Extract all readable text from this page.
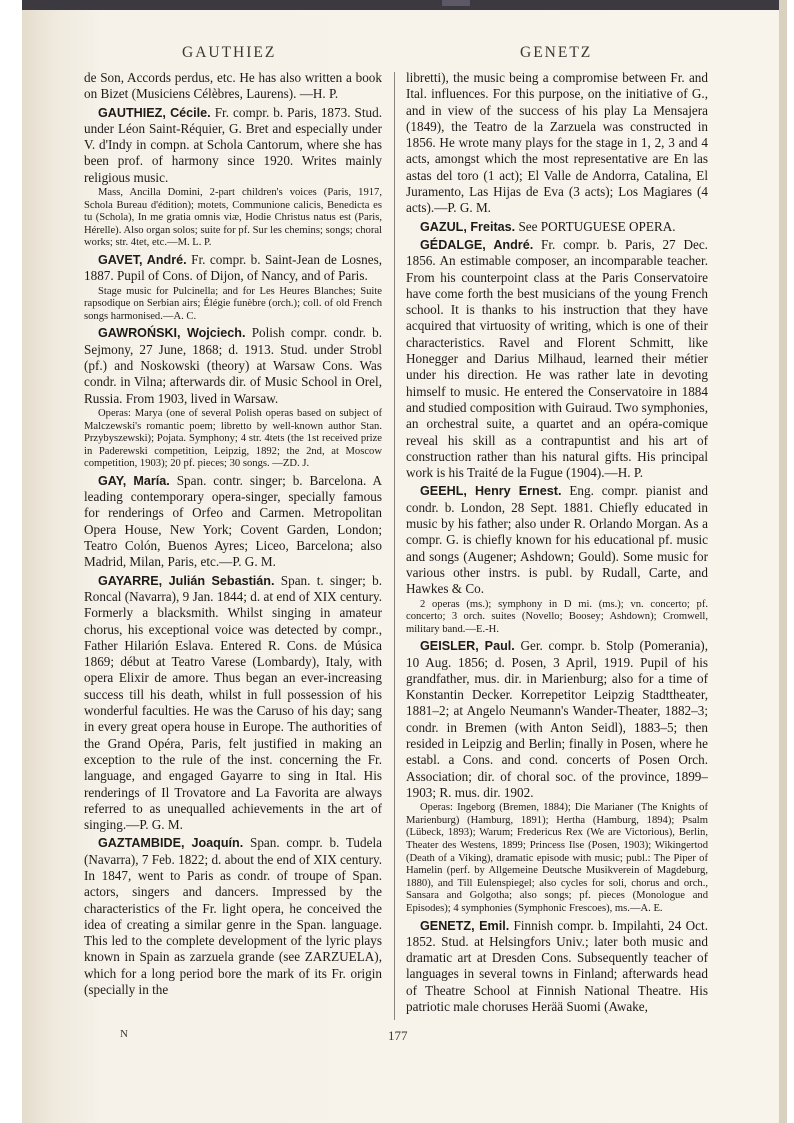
GAUTHIEZ	GENETZ

de Son, Accords perdus, etc. He has also written a book on Bizet (Musiciens Célèbres, Laurens). —H. P.

GAUTHIEZ, Cécile. Fr. compr. b. Paris, 1873. Stud. under Léon Saint-Réquier, G. Bret and especially under V. d'Indy in compn. at Schola Cantorum, where she has been prof. of harmony since 1920. Writes mainly religious music.

Mass, Ancilla Domini, 2-part children's voices (Paris, 1917, Schola Bureau d'édition); motets, Communione calicis, Benedicta es tu (Schola), In me gratia omnis viæ, Hodie Christus natus est (Paris, Hérelle). Also organ solos; suite for pf. Sur les chemins; songs; choral works; str. 4tet, etc.—M. L. P.

GAVET, André. Fr. compr. b. Saint-Jean de Losnes, 1887. Pupil of Cons. of Dijon, of Nancy, and of Paris.

Stage music for Pulcinella; and for Les Heures Blanches; Suite rapsodique on Serbian airs; Élégie funèbre (orch.); coll. of old French songs harmonised.—A. C.

GAWROŃSKI, Wojciech. Polish compr. condr. b. Sejmony, 27 June, 1868; d. 1913. Stud. under Strobl (pf.) and Noskowski (theory) at Warsaw Cons. Was condr. in Vilna; afterwards dir. of Music School in Orel, Russia. From 1903, lived in Warsaw.

Operas: Marya (one of several Polish operas based on subject of Malczewski's romantic poem; libretto by well-known author Stan. Przybyszewski); Pojata. Symphony; 4 str. 4tets (the 1st received prize in Paderewski competition, Leipzig, 1892; the 2nd, at Moscow competition, 1903); 20 pf. pieces; 30 songs. —ZD. J.

GAY, María. Span. contr. singer; b. Barcelona. A leading contemporary opera-singer, specially famous for renderings of Orfeo and Carmen. Metropolitan Opera House, New York; Covent Garden, London; Teatro Colón, Buenos Ayres; Liceo, Barcelona; also Madrid, Milan, Paris, etc.—P. G. M.

GAYARRE, Julián Sebastián. Span. t. singer; b. Roncal (Navarra), 9 Jan. 1844; d. at end of XIX century. Formerly a blacksmith. Whilst singing in amateur chorus, his exceptional voice was detected by compr., Father Hilarión Eslava. Entered R. Cons. de Música 1869; début at Teatro Varese (Lombardy), Italy, with opera Elixir de amore. Thus began an ever-increasing success till his death, whilst in full possession of his wonderful faculties. He was the Caruso of his day; sang in every great opera house in Europe. The authorities of the Grand Opéra, Paris, felt justified in making an exception to the rule of the inst. concerning the Fr. language, and engaged Gayarre to sing in Ital. His renderings of Il Trovatore and La Favorita are always referred to as unequalled achievements in the art of singing.—P. G. M.

GAZTAMBIDE, Joaquín. Span. compr. b. Tudela (Navarra), 7 Feb. 1822; d. about the end of XIX century. In 1847, went to Paris as condr. of troupe of Span. actors, singers and dancers. Impressed by the characteristics of the Fr. light opera, he conceived the idea of creating a similar genre in the Span. language. This led to the complete development of the lyric plays known in Spain as zarzuela grande (see ZARZUELA), which for a long period bore the mark of its Fr. origin (specially in the

libretti), the music being a compromise between Fr. and Ital. influences. For this purpose, on the initiative of G., and in view of the success of his play La Mensajera (1849), the Teatro de la Zarzuela was constructed in 1856. He wrote many plays for the stage in 1, 2, 3 and 4 acts, amongst which the most representative are En las astas del toro (1 act); El Valle de Andorra, Catalina, El Juramento, Las Hijas de Eva (3 acts); Los Magiares (4 acts).—P. G. M.

GAZUL, Freitas. See PORTUGUESE OPERA.

GÉDALGE, André. Fr. compr. b. Paris, 27 Dec. 1856. An estimable composer, an incomparable teacher. From his counterpoint class at the Paris Conservatoire have come forth the best musicians of the young French school. It is thanks to his instruction that they have acquired that virtuosity of writing, which is one of their characteristics. Ravel and Florent Schmitt, like Honegger and Darius Milhaud, learned their métier under his direction. He was rather late in devoting himself to music. He entered the Conservatoire in 1884 and studied composition with Guiraud. Two symphonies, an orchestral suite, a quartet and an opéra-comique reveal his skill as a contrapuntist and his art of construction rather than his natural gifts. His principal work is his Traité de la Fugue (1904).—H. P.

GEEHL, Henry Ernest. Eng. compr. pianist and condr. b. London, 28 Sept. 1881. Chiefly educated in music by his father; also under R. Orlando Morgan. As a compr. G. is chiefly known for his educational pf. music and songs (Augener; Ashdown; Gould). Some music for various other instrs. is publ. by Rudall, Carte, and Hawkes & Co.

2 operas (ms.); symphony in D mi. (ms.); vn. concerto; pf. concerto; 3 orch. suites (Novello; Boosey; Ashdown); Cromwell, military band.—E.-H.

GEISLER, Paul. Ger. compr. b. Stolp (Pomerania), 10 Aug. 1856; d. Posen, 3 April, 1919. Pupil of his grandfather, mus. dir. in Marienburg; also for a time of Konstantin Decker. Korrepetitor Leipzig Stadttheater, 1881–2; at Angelo Neumann's Wander-Theater, 1882–3; condr. in Bremen (with Anton Seidl), 1883–5; then resided in Leipzig and Berlin; finally in Posen, where he establ. a Cons. and cond. concerts of Posen Orch. Association; dir. of choral soc. of the province, 1899–1903; R. mus. dir. 1902.

Operas: Ingeborg (Bremen, 1884); Die Marianer (The Knights of Marienburg) (Hamburg, 1891); Hertha (Hamburg, 1894); Psalm (Lübeck, 1893); Warum; Fredericus Rex (We are Victorious), Berlin, Theater des Westens, 1899; Princess Ilse (Posen, 1903); Wikingertod (Death of a Viking), dramatic episode with music; publ.: The Piper of Hamelin (perf. by Allgemeine Deutsche Musikverein of Magdeburg, 1880), and Till Eulenspiegel; also cycles for soli, chorus and orch., Sansara and Golgotha; also songs; pf. pieces (Monologue and Episodes); 4 symphonies (Symphonic Frescoes), ms.—A. E.

GENETZ, Emil. Finnish compr. b. Impilahti, 24 Oct. 1852. Stud. at Helsingfors Univ.; later both music and dramatic art at Dresden Cons. Subsequently teacher of languages in several towns in Finland; afterwards head of Theatre School at Finnish National Theatre. His patriotic male choruses Herää Suomi (Awake,

N	177
